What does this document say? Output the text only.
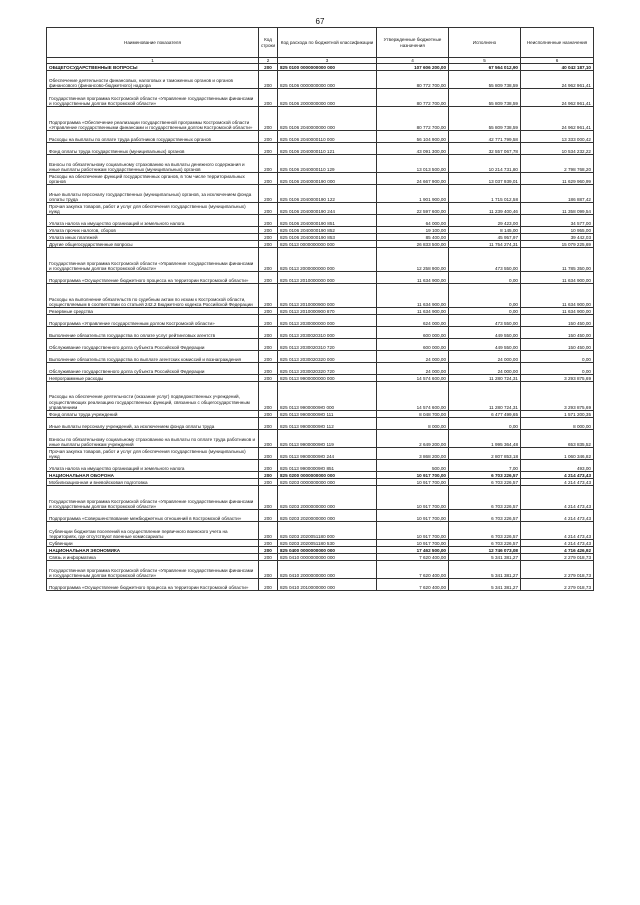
67
Наименование показателя	Код строки	Код расхода по бюджетной классификации	Утвержденные бюджетные назначения	Исполнено	Неисполненные назначения
1	2	3	4	5	6
ОБЩЕГОСУДАРСТВЕННЫЕ ВОПРОСЫ	200	825 0100 0000000000 000	107 606 200,00	67 564 012,90	40 042 187,10
Обеспечение деятельности финансовых, налоговых и таможенных органов и органов финансового (финансово-бюджетного) надзора	200	825 0106 0000000000 000	80 772 700,00	55 809 738,59	24 962 961,41
Государственная программа Костромской области «Управление государственными финансами и государственным долгом Костромской области»	200	825 0106 2000000000 000	80 772 700,00	55 809 738,59	24 962 961,41
Подпрограмма «Обеспечение реализации государственной программы Костромской области «Управление государственными финансами и государственным долгом Костромской области»	200	825 0106 2040000000 000	80 772 700,00	55 809 738,59	24 962 961,41
Расходы на выплаты по оплате труда работников государственных органов	200	825 0106 2040000110 000	56 104 900,00	42 771 799,58	13 333 000,42
Фонд оплаты труда государственных (муниципальных) органов	200	825 0106 2040000110 121	43 091 300,00	32 557 067,78	10 534 232,22
Взносы по обязательному социальному страхованию на выплаты денежного содержания и иные выплаты работникам государственных (муниципальных) органов	200	825 0106 2040000110 129	13 013 500,00	10 214 731,80	2 798 768,20
Расходы на обеспечение функций государственных органов, в том числе территориальных органов	200	825 0106 2040000190 000	24 667 900,00	13 037 939,01	11 629 960,99
Иные выплаты персоналу государственных (муниципальных) органов, за исключением фонда оплаты труда	200	825 0106 2040000190 122	1 901 900,00	1 715 012,58	186 887,42
Прочая закупка товаров, работ и услуг для обеспечения государственных (муниципальных) нужд	200	825 0106 2040000190 244	22 597 600,00	11 239 400,46	11 358 099,54
Уплата налога на имущество организаций и земельного налога	200	825 0106 2040000190 851	64 000,00	29 423,00	34 577,00
Уплата прочих налогов, сборов	200	825 0106 2040000190 852	19 100,00	8 145,00	10 955,00
Уплата иных платежей	200	825 0106 2040000190 853	85 400,00	45 957,97	39 442,03
Другие общегосударственные вопросы	200	825 0113 0000000000 000	26 833 500,00	11 754 274,31	15 079 225,69
Государственная программа Костромской области «Управление государственными финансами и государственным долгом Костромской области»	200	825 0113 2000000000 000	12 258 900,00	473 550,00	11 785 350,00
Подпрограмма «Осуществление бюджетного процесса на территории Костромской области»	200	825 0113 2010000000 000	11 634 900,00	0,00	11 634 900,00
Расходы на выполнение обязательств по судебным актам по искам к Костромской области, осуществляемым в соответствии со статьей 242.2 Бюджетного кодекса Российской Федерации	200	825 0113 2010000900 000	11 634 900,00	0,00	11 634 900,00
Резервные средства	200	825 0113 2010000900 870	11 634 900,00	0,00	11 634 900,00
Подпрограмма «Управление государственным долгом Костромской области»	200	825 0113 2030000000 000	624 000,00	473 550,00	150 450,00
Выполнение обязательств государства по оплате услуг рейтинговых агентств	200	825 0113 2030020310 000	600 000,00	449 550,00	150 450,00
Обслуживание государственного долга субъекта Российской Федерации	200	825 0113 2030020310 720	600 000,00	449 550,00	150 450,00
Выполнение обязательств государства по выплате агентских комиссий и вознаграждения	200	825 0113 2030020320 000	24 000,00	24 000,00	0,00
Обслуживание государственного долга субъекта Российской Федерации	200	825 0113 2030020320 720	24 000,00	24 000,00	0,00
Непрограммные расходы	200	825 0113 9900000000 000	14 574 600,00	11 280 724,31	3 293 875,69
Расходы на обеспечение деятельности (оказание услуг) подведомственных учреждений, осуществляющих реализацию государственных функций, связанных с общегосударственным управлением	200	825 0113 99000009Ю 000	14 574 600,00	11 280 724,31	3 293 875,69
Фонд оплаты труда учреждений	200	825 0113 99000009Ю 111	8 048 700,00	6 477 499,65	1 571 200,35
Иные выплаты персоналу учреждений, за исключением фонда оплаты труда	200	825 0113 99000009Ю 112	8 000,00	0,00	8 000,00
Взносы по обязательному социальному страхованию на выплаты по оплате труда работников и иные выплаты работникам учреждений	200	825 0113 99000009Ю 119	2 649 200,00	1 995 364,48	653 835,52
Прочая закупка товаров, работ и услуг для обеспечения государственных (муниципальных) нужд	200	825 0113 99000009Ю 244	3 868 200,00	2 807 853,18	1 060 346,82
Уплата налога на имущество организаций и земельного налога	200	825 0113 99000009Ю 851	500,00	7,00	493,00
НАЦИОНАЛЬНАЯ ОБОРОНА	200	825 0200 0000000000 000	10 917 700,00	6 703 226,57	4 214 473,43
Мобилизационная и вневойсковая подготовка	200	825 0203 0000000000 000	10 917 700,00	6 703 226,57	4 214 473,43
Государственная программа Костромской области «Управление государственными финансами и государственным долгом Костромской области»	200	825 0203 2000000000 000	10 917 700,00	6 703 226,57	4 214 473,43
Подпрограмма «Совершенствование межбюджетных отношений в Костромской области»	200	825 0203 2020000000 000	10 917 700,00	6 703 226,57	4 214 473,43
Субвенции бюджетам поселений на осуществление первичного воинского учета на территориях, где отсутствуют военные комиссариаты	200	825 0203 2020051180 000	10 917 700,00	6 703 226,57	4 214 473,43
Субвенции	200	825 0203 2020051180 530	10 917 700,00	6 703 226,57	4 214 473,43
НАЦИОНАЛЬНАЯ ЭКОНОМИКА	200	825 0400 0000000000 000	17 462 500,00	12 746 073,08	4 716 426,92
Связь и информатика	200	825 0410 0000000000 000	7 620 400,00	5 341 381,27	2 279 018,73
Государственная программа Костромской области «Управление государственными финансами и государственным долгом Костромской области»	200	825 0410 2000000000 000	7 620 400,00	5 341 381,27	2 279 018,73
Подпрограмма «Осуществление бюджетного процесса на территории Костромской области»	200	825 0410 2010000000 000	7 620 400,00	5 341 381,27	2 279 018,73
